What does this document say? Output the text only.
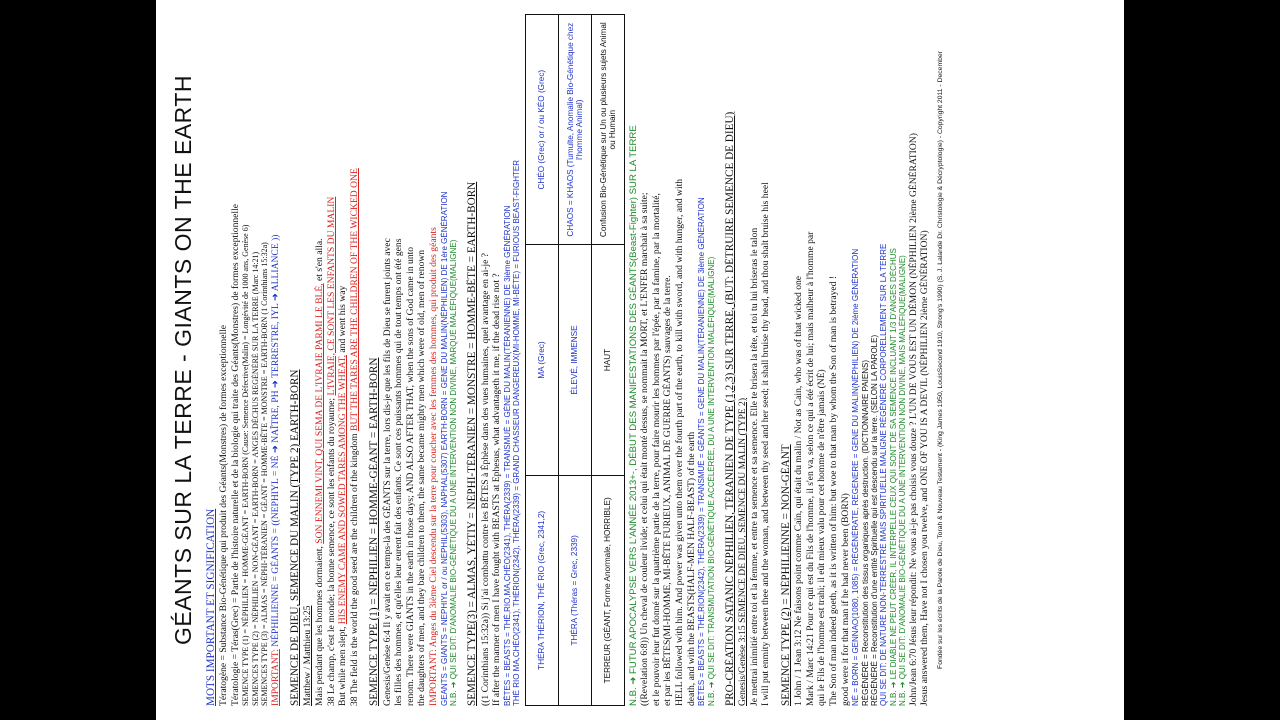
GÉANTS SUR LA TERRE - GIANTS ON THE EARTH MOTS IMPORTANT ET SIGNIFICATION Tératogène = Substance Bio-Génétique qui produit des Géants(Monstres) de formes exceptionnelle Tératologie = Téras(Grec) = Partie de l'histoire naturelle et de la biologie qui traite des Géants(Monstres) de formes exceptionnelle SEMENCE TYPE (1) = NÉPHILIEN = HOMME-GÉANT = EARTH-BORN (Cause: Semence Défective(Malin) = Longévité de 1000 ans, Genèse 6) SEMENCES TYPE (2) = NÉPHILIEN = NON-GÉANT = EARTH-BORN = ANGES DÉCHUS REGÉNÉRÉ SUR LA TERRE (Marc 14:21) SEMENCES TYPE (3) = ALMAS = NÉPHI-TÉRANIEN = GÉANT = HOMME-BÊTE = MONSTRE = EARTH-BORN (1 Corinthians 15:32a) IMPORTANT: NÉPHILIENNE = GÉANTS = ((NEPHIYL = NÉ ➜ NAÎTRE, PH ➜ TERRESTRE, IYL ➜ ALLIANCE ))
SEMENCE DE DIEU, SEMENCE DU MALIN (TYPE 2) EARTH-BORN Matthew / Matthieu 13:25 Mais pendant que les hommes dormaient, SON ENNEMI VINT, QUI SEMA DE L'IVRAIE PARMI LE BLÉ, et s'en alla.
38 Le champ, c'est le monde; la bonne semence, ce sont les enfants du royaume; L'IVRAIE, CE SONT LES ENFANTS DU MALIN
But while men slept, HIS ENEMY CAME AND SOWED TARES AMONG THE WHEAT, and went his way
38 The field is the world the good seed are the children of the kingdom BUT THE TARES ARE THE CHILDREN OF THE WICKED ONE
SEMENCE TYPE (1) = NÉPHILIEN = HOMME-GÉANT = EARTH-BORN Genesis/Genèse 6:4 Il y avait en ce temps-là des GÉANTS sur la terre, lors dis-je que les fils de Dieu se furent joints avec les filles des hommes, et qu'elles leur eurent fait des enfants. Ce sont ces puissants hommes qui de tout temps ont été gens renom. There were GIANTS in the earth in those days; AND ALSO AFTER THAT, when the sons of God came in unto the daughters of men, and they bare children to them, the same became mighty men which were of old, men of renown IMPORTANT: Anges du 3ième Ciel descendu sur la terre pour coucher avec les femmes des hommes, qui produit des géants GEANTS = GIANTS = NEPHIYL or / ou NEPHIL(5303), NAPHAL(5307) EARTH-BORN = GENE DU MALIN(NÉPHILIEN) DE 1ère GÉNÉRATION N.B. ➜ QUI SE DIT: D'ANOMALIE BIO-GÉNÉTIQUE DU A UNE INTERVENTION NON DIVINE, MARQUÉ MALÉFIQUE(MALIGNE) SEMENCE TYPE(3) = ALMAS, YÉTIY = NÉPHI-TÉRANIEN = MONSTRE = HOMME-BÊTE = EARTH-BORN ((1 Corinthians 15:32a)) Si j'ai combattu contre les BÊTES à Éphèse dans des vues humaines, quel avantage en ai-je ? If after the manner of men I have fought with BEASTS at Ephesus, what advantageth it me, if the dead rise not ? BÊTES = BEASTS = THÉ,RIO,MA,CHÉO(2341), THÉRA(2339) = TRANSMUÉ = GÈNE DU MALIN(TÉRANIENNE) DE 3ième GÉNÉRATION THÉ RIO MA,CHÉO(2341), THÉRION(2342), THÉRA(2339) = GRAND CHASSEUR DANGEREUX(MI-HOMME, MI-BÊTE) = FURIOUS BEAST-FIGHTER THÉRA THÉRION, THÉ RIO (Grec, 2341,2)	MA (Grec)	CHÉO (Grec) or / ou KÉO (Grec)
THÉRA (Théras = Grec, 2339)	ÉLEVÉ, IMMENSE	CHAOS = KHAOS (Tumulte, Anomalie Bio-Génétique chez l'homme Animal)
TERREUR (GÉANT, Forme Anormale, HORRIBLE)	HAUT	Confusion Bio-Génétique sur Un ou plusieurs sujets Animal ou Humain N.B. ➜ FUTUR APOCALYPSE VERS L'ANNÉE 2013+-, DÉBUT DES MANIFESTATIONS DES GÉANTS(Beast-Fighter) SUR LA TERRE ((Revelation 6:8)) Un cheval de couleur livide; et celui qui était monté dessus, se nommait la MORT, et L'ENFER marchait à sa suite; et le pouvoir leur fut donné sur la quatrième partie de la terre, pour faire mourir les hommes par l'épée, par la famine, par la mortalité, et par les BÊTES(MI-HOMME, MI-BÊTE FURIEUX, ANIMAL DE GUERRE GÉANTS) sauvages de la terre. HELL followed with him. And power was given unto them over the fourth part of the earth, to kill with sword, and with hunger, and with death, and with the BEASTS(HALF-MEN HALF-BEAST) of the earth BÊTES = BEASTS = THÉ,RION(2342), THÉRA(2339) = TRANSMUÉ = GÉANTS = GENE DU MALIN(TÉRANIENNE) DE 3ième GÉNÉRATION N.B. ➜ QUI SE DIT: TRANSMUTATION BIO-GÉNÉTIQUE ACCÉLÉRÉE, DU A UNE INTERVENTION MALÉFIQUE(MALIGNE) PRO-CRÉATION SATANIC NÉPHILIEN, TÉRANIEN DE TYPE (1,2,3) SUR TERRE, (BUT: DÉTRUIRE SEMENCE DE DIEU) Genesis/Genèse 3:15 SEMENCE DE DIEU, SEMENCE DU MALIN (TYPE 2) Je mettrai inimitié entre toi et la femme, et entre ta semence et sa semence. Elle te brisera la tête, et toi tu lui briseras le talon I will put enmity between thee and the woman, and between thy seed and her seed; it shall bruise thy head, and thou shalt bruise his heel SEMENCE TYPE (2) = NÉPHILIENNE = NON-GÉANT 1 John / 1 Jean 3:12 Ne faisons point comme Caïn, qui était du malin / Not as Cain, who was of that wicked one Mark / Marc 14:21 Pour ce qui est du Fils de l'homme, il s'en va, selon ce qui a été écrit de lui; mais malheur à l'homme par qui le Fils de l'homme est trahi; il eût mieux valu pour cet homme de n'être jamais (NÉ) The Son of man indeed goeth, as it is written of him: but woe to that man by whom the Son of man is betrayed ! good were it for that man if he had never been (BORN) NÉ = BORN = GENNAO(1080, 1085) = RÉGÉNÉRATE, REGENERE = GENE DU MALIN(NÉPHILIEN) DE 2ième GÉNÉRATION RÉGÉNÉRÉ = Reconstitution des tissus organiques après destruction. (DICTIONNAIRE PAIENS) RÉGÉNÉRÉ = Reconstitution d'une entité Spirituelle qui est descendu sur la terre. (SELON LA PAROLE) QUI SE DIT: DE NATURE NON-TERRESTRE MAIS SPIRITUELLE MALIGNE RÉGÉNÉRÉ CORPORELLEMENT SUR LA TERRE N.B. ➜ LE DIABLE NE PEUT CRÉER, IL INTERPELLE CEUX QUI SONT DE SA SEMENCE INCLUANT 1/3 D'ANGES DÉCHUS N.B. ➜ QUI SE DIT: D'ANOMALIE BIO-GÉNÉTIQUE DU A UNE INTERVENTION NON DIVINE, MAIS MALÉFIQUE(MALIGNE) John/Jean 6:70 Jésus leur répondit: Ne vous ai-je pas choisis vous douze ? L'UN DE VOUS EST UN DÉMON (NÉPHILIEN 2ième GÉNÉRATION) Jesus answered them, Have not I chosen you twelve, and ONE OF YOU IS A DEVIL (NÉPHILIEN 2ième GÉNÉRATION) Fondée sur les écrits de la Parole de Dieu, Torah & Nouveau Testament - (King James 1950, LouisSecond 1910, Strong's 1990) (S. J. Lalande Dr. Christologie & Décryptologie) - Copyright 2011 - December
